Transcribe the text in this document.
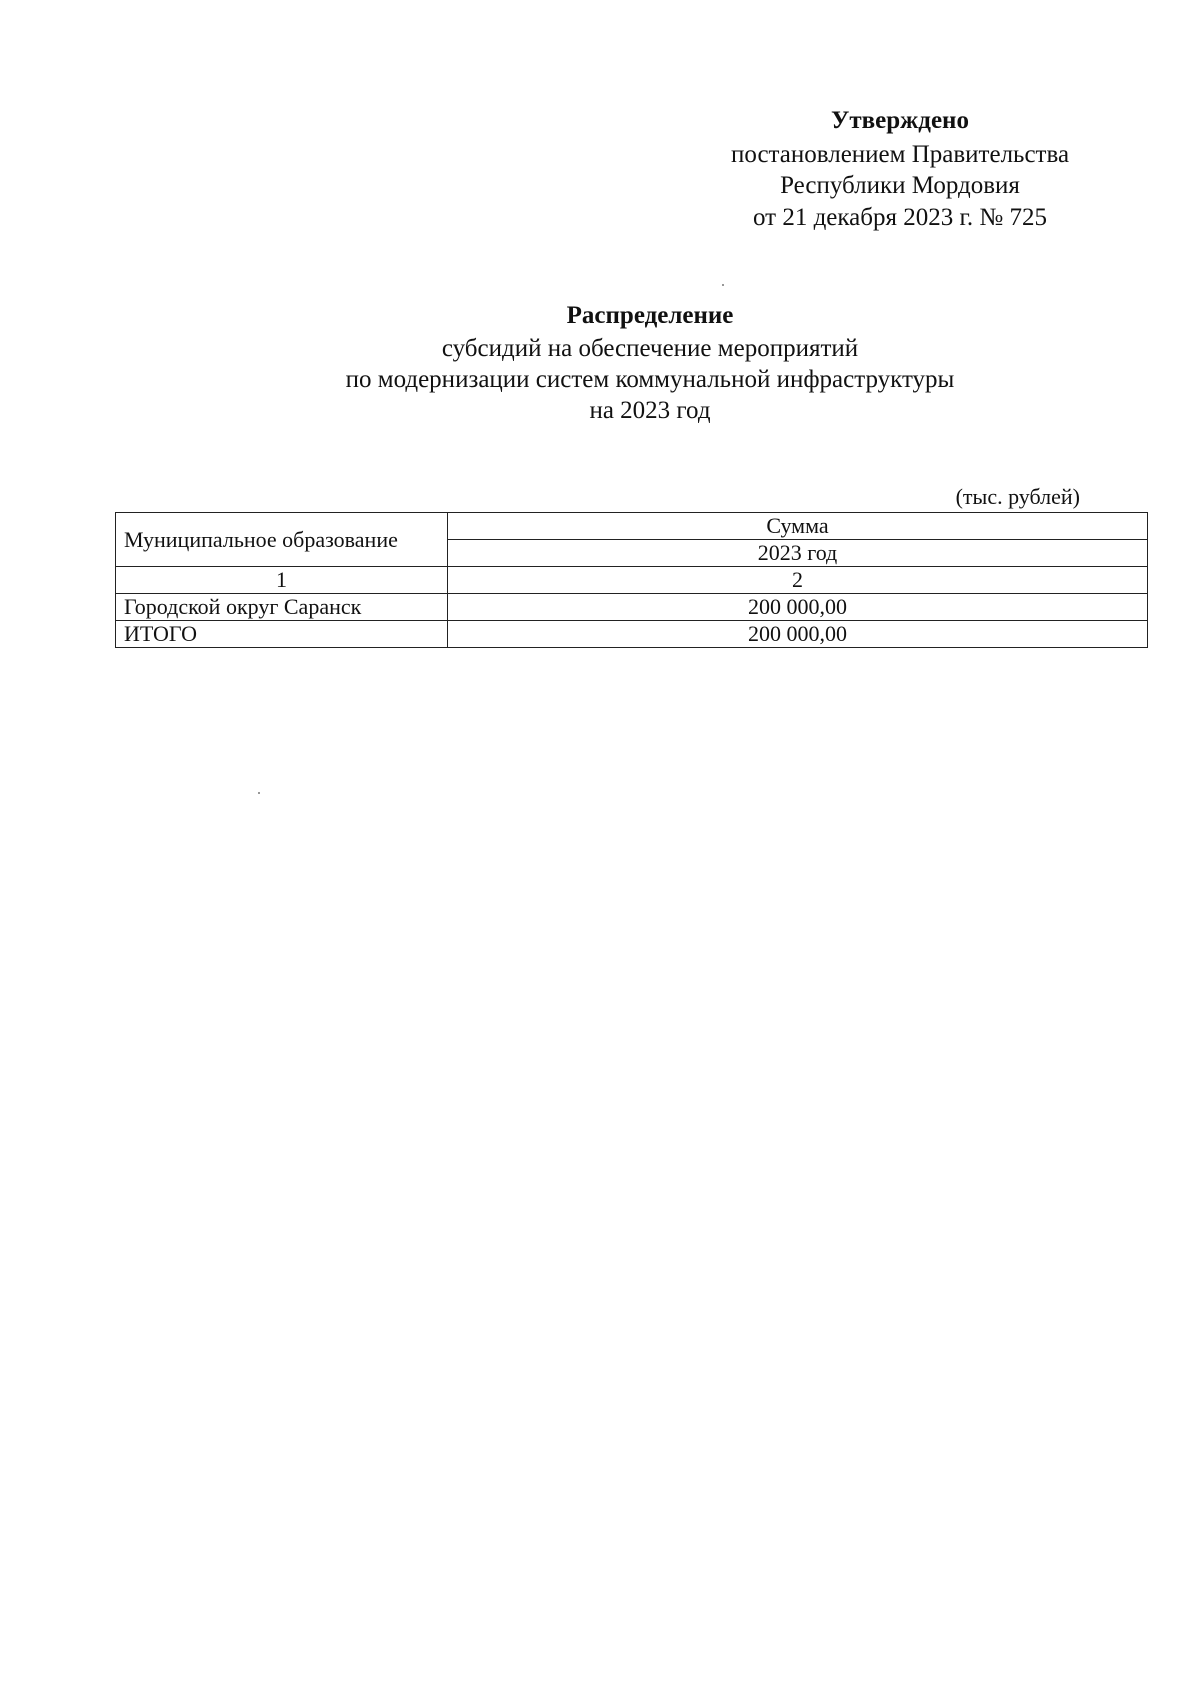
Утверждено
постановлением Правительства
Республики Мордовия
от 21 декабря 2023 г. № 725
Распределение
субсидий на обеспечение мероприятий
по модернизации систем коммунальной инфраструктуры
на 2023 год
(тыс. рублей)
Муниципальное образование	Сумма
	2023 год
1	2
Городской округ Саранск	200 000,00
ИТОГО	200 000,00
